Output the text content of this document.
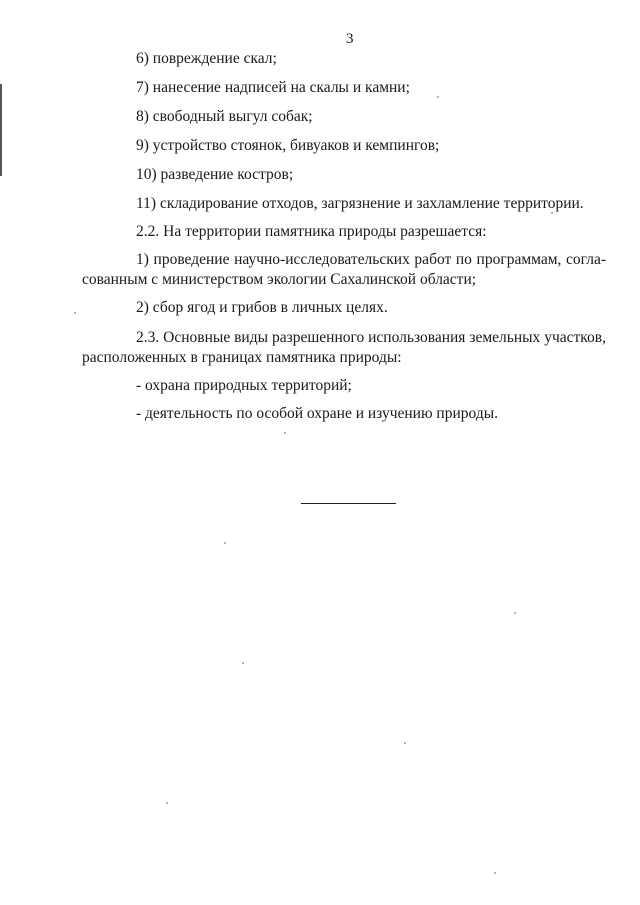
3
6) повреждение скал;
7) нанесение надписей на скалы и камни;
8) свободный выгул собак;
9) устройство стоянок, бивуаков и кемпингов;
10) разведение костров;
11) складирование отходов, загрязнение и захламление территории.
2.2. На территории памятника природы разрешается:
1) проведение научно-исследовательских работ по программам, согла-
сованным с министерством экологии Сахалинской области;
2) сбор ягод и грибов в личных целях.
2.3. Основные виды разрешенного использования земельных участков,
расположенных в границах памятника природы:
- охрана природных территорий;
- деятельность по особой охране и изучению природы.
